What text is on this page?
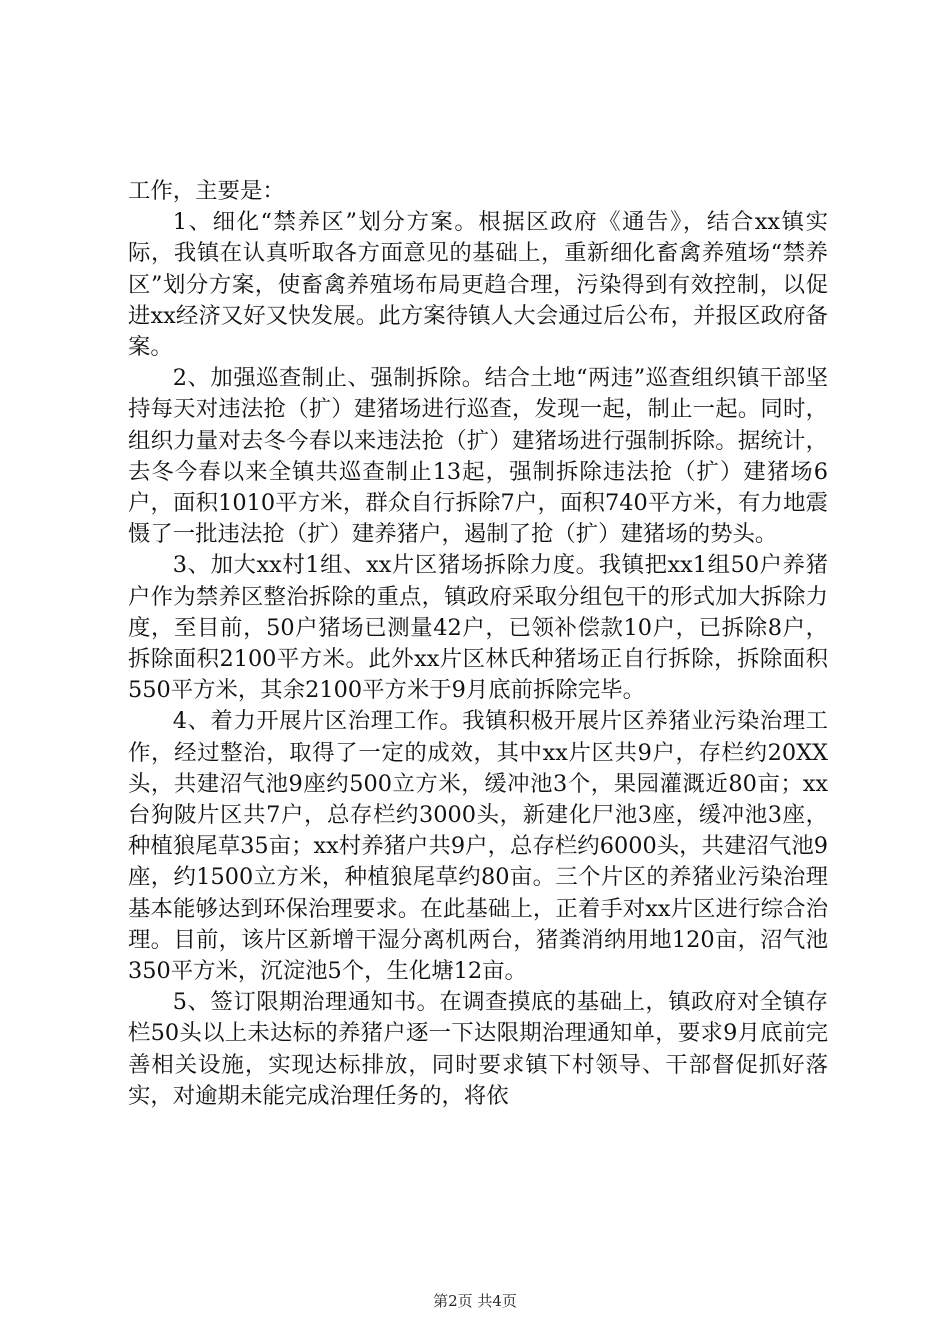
工作，主要是：

1、细化“禁养区”划分方案。根据区政府《通告》，结合xx镇实际，我镇在认真听取各方面意见的基础上，重新细化畜禽养殖场“禁养区”划分方案，使畜禽养殖场布局更趋合理，污染得到有效控制，以促进xx经济又好又快发展。此方案待镇人大会通过后公布，并报区政府备案。

2、加强巡查制止、强制拆除。结合土地“两违”巡查组织镇干部坚持每天对违法抢（扩）建猪场进行巡查，发现一起，制止一起。同时，组织力量对去冬今春以来违法抢（扩）建猪场进行强制拆除。据统计，去冬今春以来全镇共巡查制止13起，强制拆除违法抢（扩）建猪场6户，面积1010平方米，群众自行拆除7户，面积740平方米，有力地震慑了一批违法抢（扩）建养猪户，遏制了抢（扩）建猪场的势头。

3、加大xx村1组、xx片区猪场拆除力度。我镇把xx1组50户养猪户作为禁养区整治拆除的重点，镇政府采取分组包干的形式加大拆除力度，至目前，50户猪场已测量42户，已领补偿款10户，已拆除8户，拆除面积2100平方米。此外xx片区林氏种猪场正自行拆除，拆除面积550平方米，其余2100平方米于9月底前拆除完毕。

4、着力开展片区治理工作。我镇积极开展片区养猪业污染治理工作，经过整治，取得了一定的成效，其中xx片区共9户，存栏约20XX头，共建沼气池9座约500立方米，缓冲池3个，果园灌溉近80亩；xx台狗陂片区共7户，总存栏约3000头，新建化尸池3座，缓冲池3座，种植狼尾草35亩；xx村养猪户共9户，总存栏约6000头，共建沼气池9座，约1500立方米，种植狼尾草约80亩。三个片区的养猪业污染治理基本能够达到环保治理要求。在此基础上，正着手对xx片区进行综合治理。目前，该片区新增干湿分离机两台，猪粪消纳用地120亩，沼气池350平方米，沉淀池5个，生化塘12亩。

5、签订限期治理通知书。在调查摸底的基础上，镇政府对全镇存栏50头以上未达标的养猪户逐一下达限期治理通知单，要求9月底前完善相关设施，实现达标排放，同时要求镇下村领导、干部督促抓好落实，对逾期未能完成治理任务的，将依

第2页 共4页
